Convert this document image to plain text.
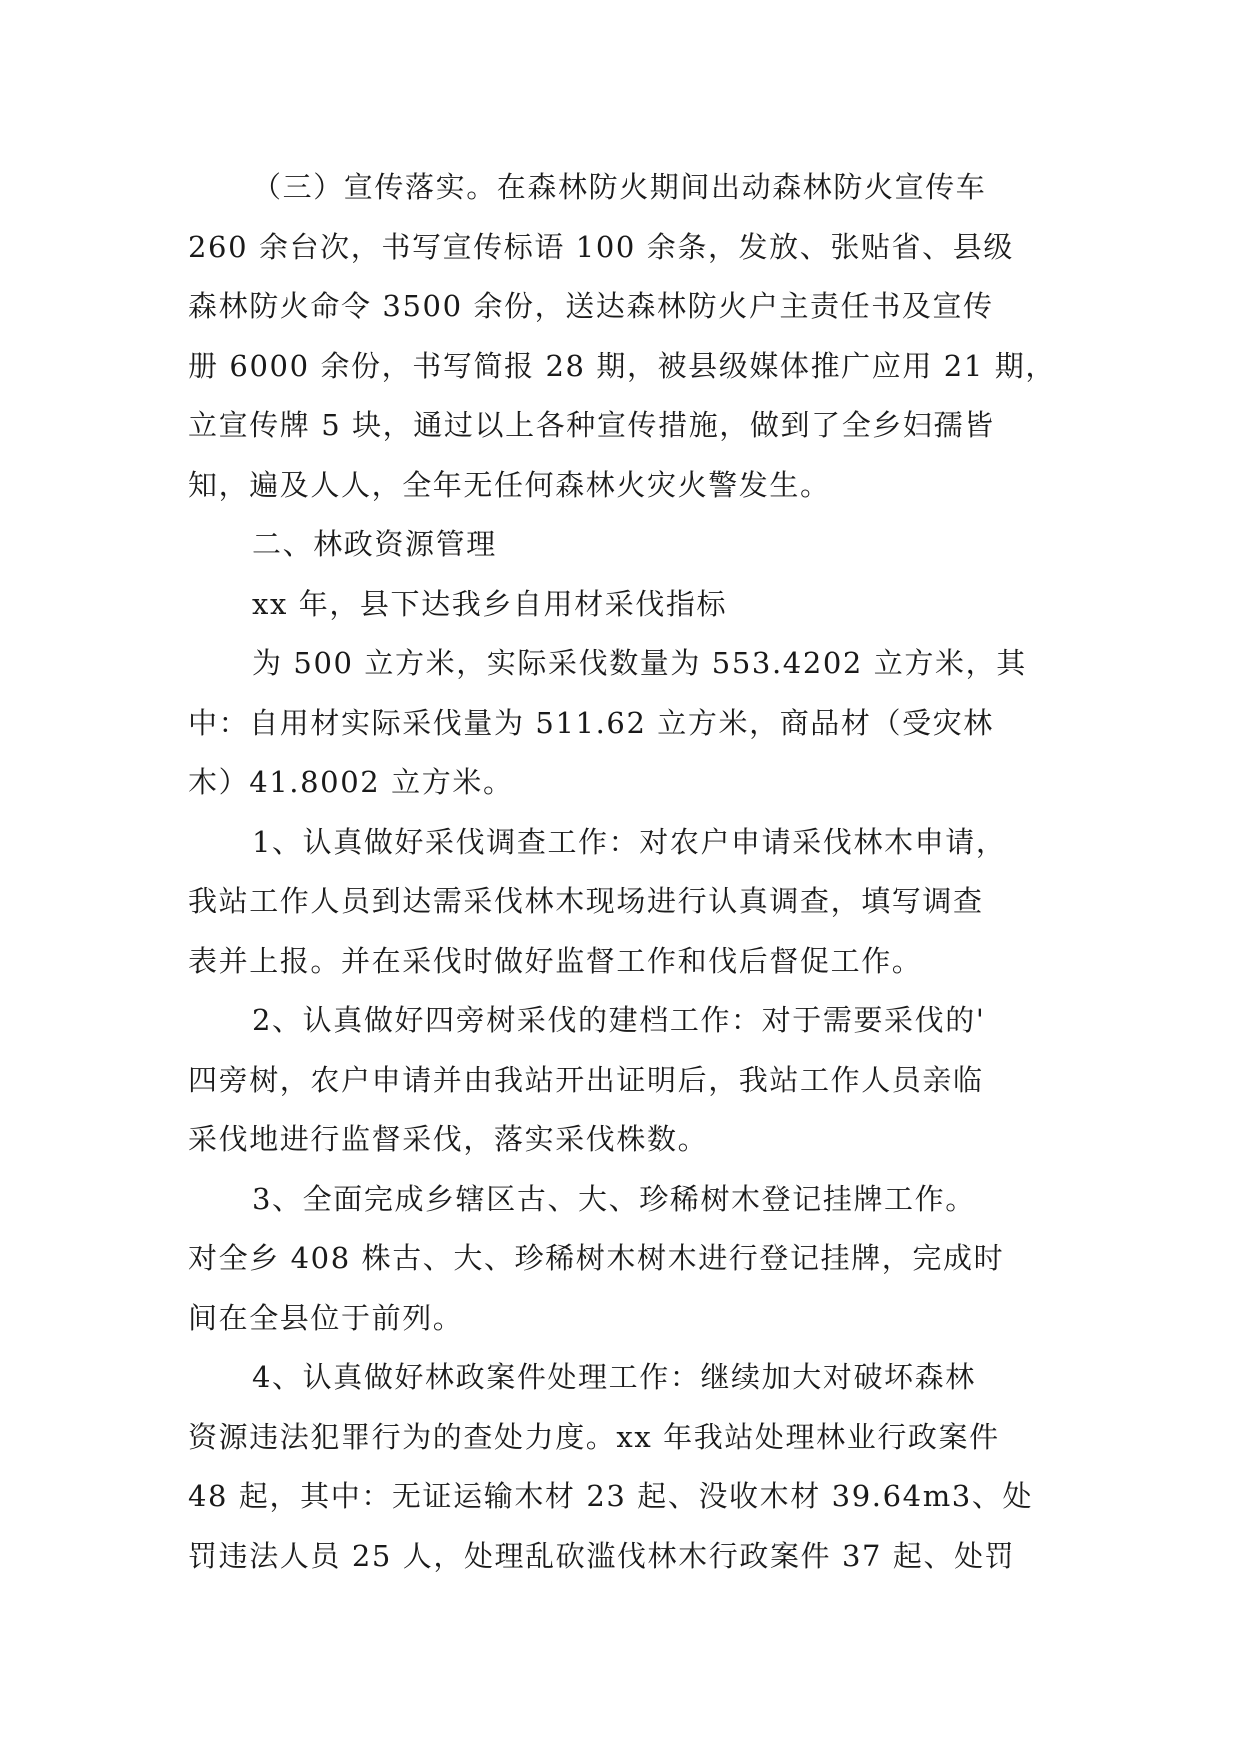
（三）宣传落实。在森林防火期间出动森林防火宣传车
260 余台次，书写宣传标语 100 余条，发放、张贴省、县级
森林防火命令 3500 余份，送达森林防火户主责任书及宣传
册 6000 余份，书写简报 28 期，被县级媒体推广应用 21 期，
立宣传牌 5 块，通过以上各种宣传措施，做到了全乡妇孺皆
知，遍及人人，全年无任何森林火灾火警发生。

二、林政资源管理

xx 年，县下达我乡自用材采伐指标

为 500 立方米，实际采伐数量为 553.4202 立方米，其
中：自用材实际采伐量为 511.62 立方米，商品材（受灾林
木）41.8002 立方米。

1、认真做好采伐调查工作：对农户申请采伐林木申请，
我站工作人员到达需采伐林木现场进行认真调查，填写调查
表并上报。并在采伐时做好监督工作和伐后督促工作。

2、认真做好四旁树采伐的建档工作：对于需要采伐的'
四旁树，农户申请并由我站开出证明后，我站工作人员亲临
采伐地进行监督采伐，落实采伐株数。

3、全面完成乡辖区古、大、珍稀树木登记挂牌工作。
对全乡 408 株古、大、珍稀树木树木进行登记挂牌，完成时
间在全县位于前列。

4、认真做好林政案件处理工作：继续加大对破坏森林
资源违法犯罪行为的查处力度。xx 年我站处理林业行政案件
48 起，其中：无证运输木材 23 起、没收木材 39.64m3、处
罚违法人员 25 人，处理乱砍滥伐林木行政案件 37 起、处罚
